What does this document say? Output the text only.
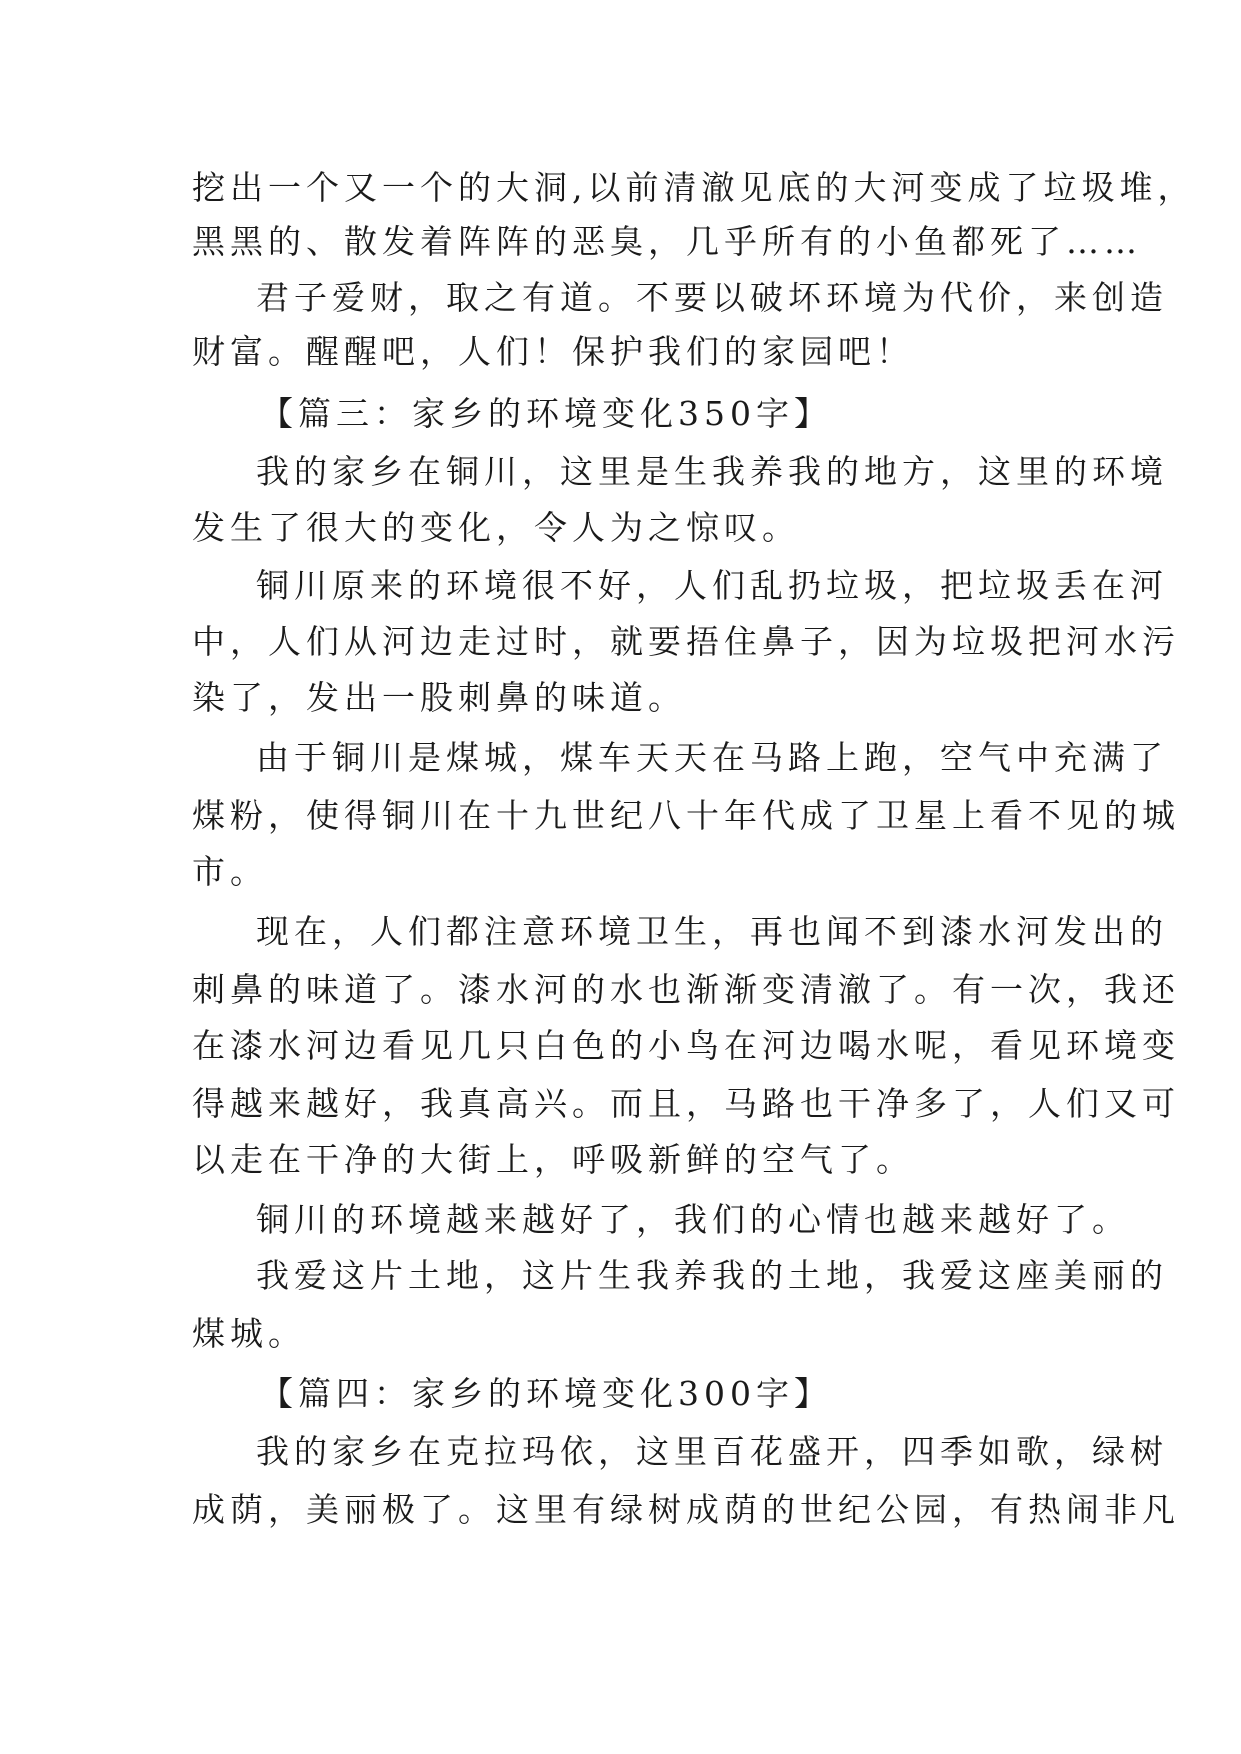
挖出一个又一个的大洞,以前清澈见底的大河变成了垃圾堆，
黑黑的、散发着阵阵的恶臭，几乎所有的小鱼都死了……
君子爱财，取之有道。不要以破坏环境为代价，来创造
财富。醒醒吧，人们！保护我们的家园吧！
【篇三：家乡的环境变化350字】
我的家乡在铜川，这里是生我养我的地方，这里的环境
发生了很大的变化，令人为之惊叹。
铜川原来的环境很不好，人们乱扔垃圾，把垃圾丢在河
中，人们从河边走过时，就要捂住鼻子，因为垃圾把河水污
染了，发出一股刺鼻的味道。
由于铜川是煤城，煤车天天在马路上跑，空气中充满了
煤粉，使得铜川在十九世纪八十年代成了卫星上看不见的城
市。
现在，人们都注意环境卫生，再也闻不到漆水河发出的
刺鼻的味道了。漆水河的水也渐渐变清澈了。有一次，我还
在漆水河边看见几只白色的小鸟在河边喝水呢，看见环境变
得越来越好，我真高兴。而且，马路也干净多了，人们又可
以走在干净的大街上，呼吸新鲜的空气了。
铜川的环境越来越好了，我们的心情也越来越好了。
我爱这片土地，这片生我养我的土地，我爱这座美丽的
煤城。
【篇四：家乡的环境变化300字】
我的家乡在克拉玛依，这里百花盛开，四季如歌，绿树
成荫，美丽极了。这里有绿树成荫的世纪公园，有热闹非凡
